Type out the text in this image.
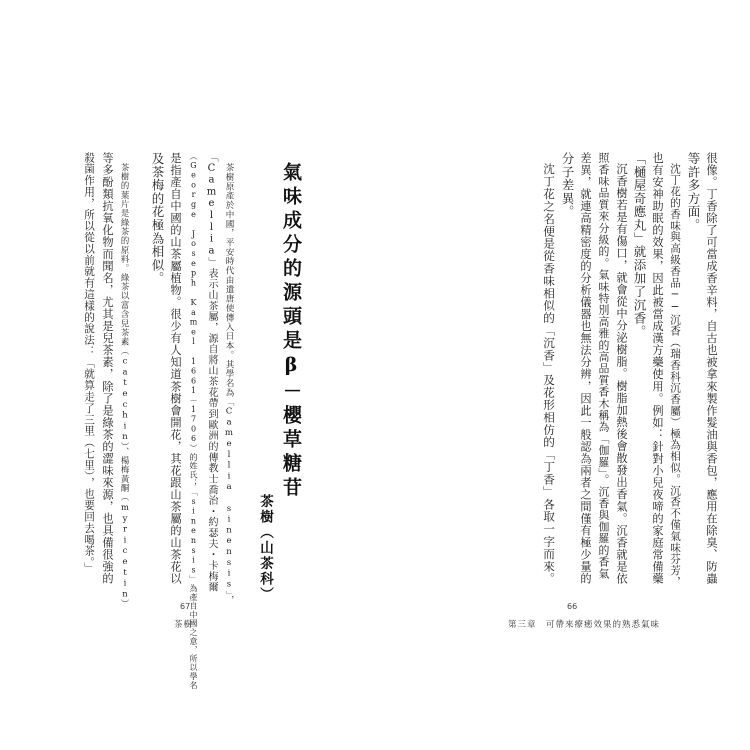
氣味成分的源頭是β－櫻草糖苷
茶樹（山茶科）
茶樹原產於中國，平安時代由遣唐使傳入日本。其學名為「Camellia sinensis」，
「Camellia」表示山茶屬，源自將山茶花帶到歐洲的傳教士喬治・約瑟夫・卡梅爾
（George Joseph Kamel 1661－1706）的姓氏；「sinensis」為產自中國之意，所以學名
是指產自中國的山茶屬植物。很少有人知道茶樹會開花，其花跟山茶屬的山茶花以
及茶梅的花極為相似。
茶樹的葉片是綠茶的原料。綠茶以富含兒茶素（catechin）、楊梅黃酮（myricetin）
等多酚類抗氧化物而聞名，尤其是兒茶素，除了是綠茶的澀味來源，也具備很強的
殺菌作用，所以從以前就有這樣的說法：「就算走了三里（七里），也要回去喝茶。」
67
茶樹
很像。丁香除了可當成香辛料，自古也被拿來製作髮油與香包，應用在除臭、防蟲
等許多方面。
沈丁花的香味與高級香品──沉香（瑞香科沉香屬）極為相似。沉香不僅氣味芬芳，
也有安神助眠的效果，因此被當成漢方藥使用。例如：針對小兒夜啼的家庭常備藥
「樋屋奇應丸」就添加了沉香。
沉香樹若是有傷口，就會從中分泌樹脂。樹脂加熱後會散發出香氣。沉香就是依
照香味品質來分級的。氣味特別高雅的高品質香木稱為「伽羅」。沉香與伽羅的香氣
差異，就連高精密度的分析儀器也無法分辨，因此一般認為兩者之間僅有極少量的
分子差異。
沈丁花之名便是從香味相似的「沉香」及花形相仿的「丁香」各取一字而來。
66
第三章　可帶來療癒效果的熟悉氣味
